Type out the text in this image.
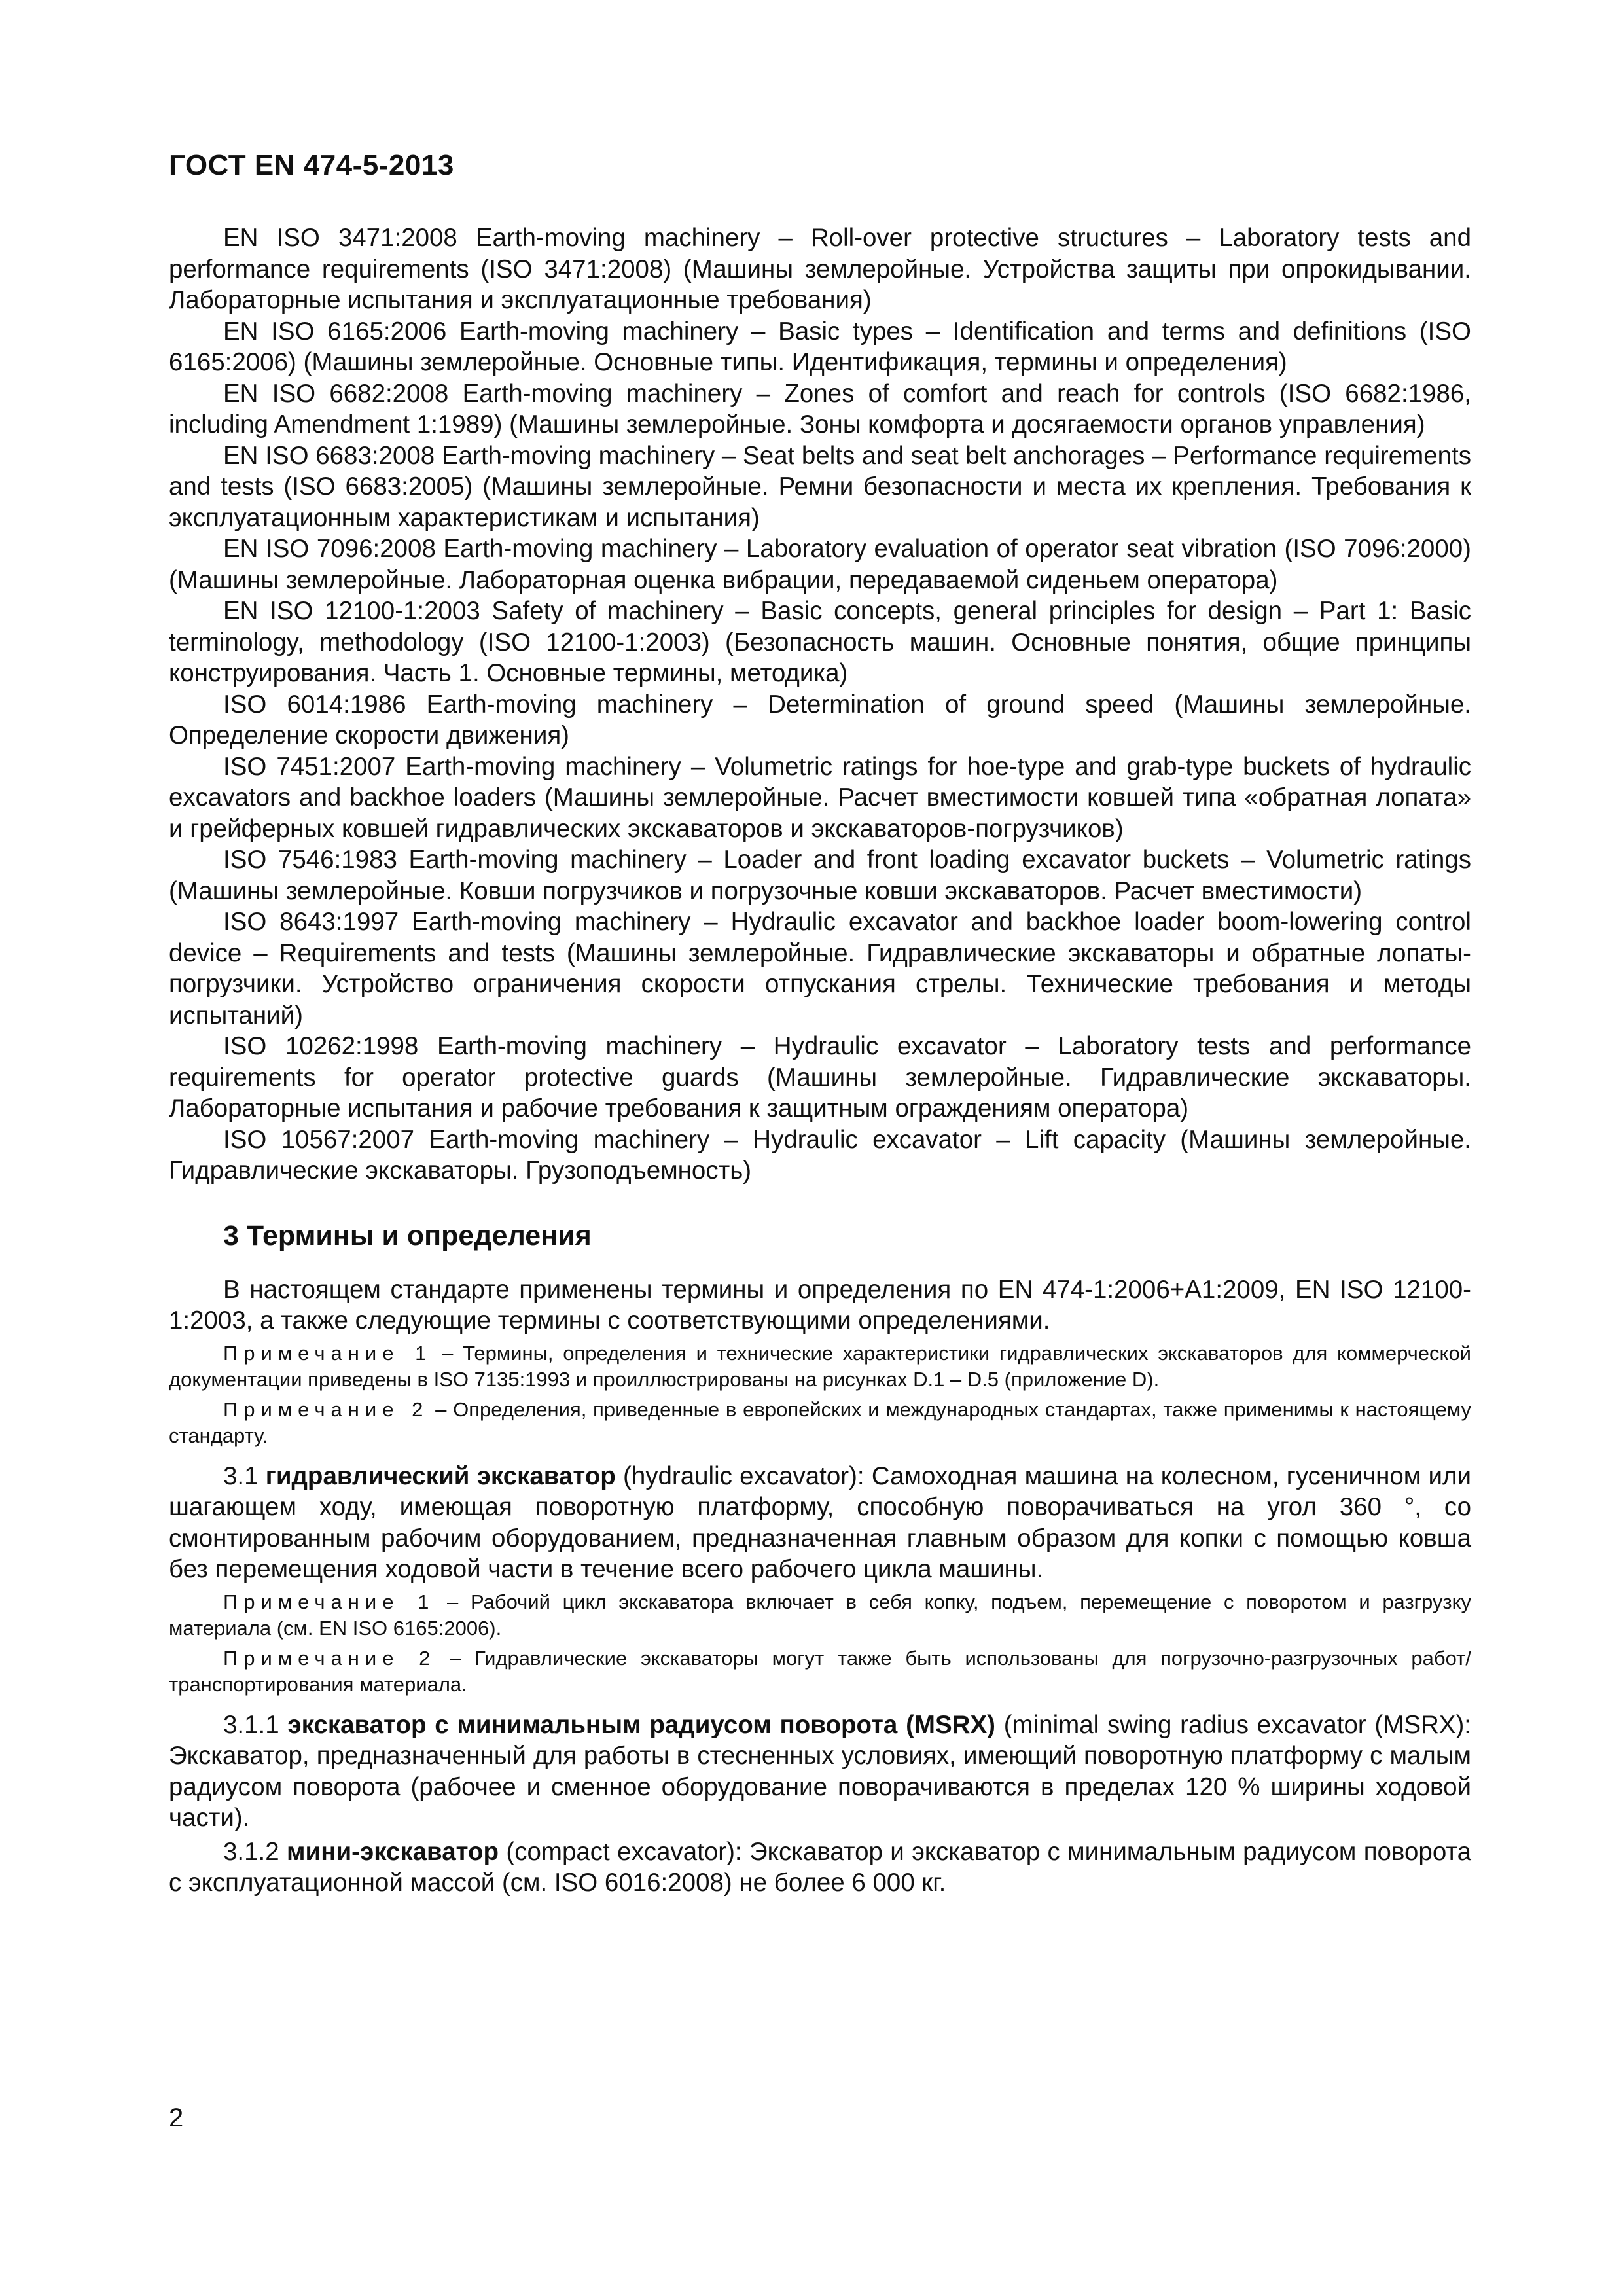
ГОСТ EN 474-5-2013

EN ISO 3471:2008 Earth-moving machinery – Roll-over protective structures – Laboratory tests and performance requirements (ISO 3471:2008) (Машины землеройные. Устройства защиты при опрокидывании. Лабораторные испытания и эксплуатационные требования)

EN ISO 6165:2006 Earth-moving machinery – Basic types – Identification and terms and definitions (ISO 6165:2006) (Машины землеройные. Основные типы. Идентификация, термины и определения)

EN ISO 6682:2008 Earth-moving machinery – Zones of comfort and reach for controls (ISO 6682:1986, including Amendment 1:1989) (Машины землеройные. Зоны комфорта и досягаемости органов управления)

EN ISO 6683:2008 Earth-moving machinery – Seat belts and seat belt anchorages – Performance requirements and tests (ISO 6683:2005) (Машины землеройные. Ремни безопасности и места их крепления. Требования к эксплуатационным характеристикам и испытания)

EN ISO 7096:2008 Earth-moving machinery – Laboratory evaluation of operator seat vibration (ISO 7096:2000) (Машины землеройные. Лабораторная оценка вибрации, передаваемой сиденьем оператора)

EN ISO 12100-1:2003 Safety of machinery – Basic concepts, general principles for design – Part 1: Basic terminology, methodology (ISO 12100-1:2003) (Безопасность машин. Основные понятия, общие принципы конструирования. Часть 1. Основные термины, методика)

ISO 6014:1986 Earth-moving machinery – Determination of ground speed (Машины землеройные. Определение скорости движения)

ISO 7451:2007 Earth-moving machinery – Volumetric ratings for hoe-type and grab-type buckets of hydraulic excavators and backhoe loaders (Машины землеройные. Расчет вместимости ковшей типа «обратная лопата» и грейферных ковшей гидравлических экскаваторов и экскаваторов-погрузчиков)

ISO 7546:1983 Earth-moving machinery – Loader and front loading excavator buckets – Volumetric ratings (Машины землеройные. Ковши погрузчиков и погрузочные ковши экскаваторов. Расчет вместимости)

ISO 8643:1997 Earth-moving machinery – Hydraulic excavator and backhoe loader boom-lowering control device – Requirements and tests (Машины землеройные. Гидравлические экскаваторы и обратные лопаты-погрузчики. Устройство ограничения скорости отпускания стрелы. Технические требования и методы испытаний)

ISO 10262:1998 Earth-moving machinery – Hydraulic excavator – Laboratory tests and performance requirements for operator protective guards (Машины землеройные. Гидравлические экскаваторы. Лабораторные испытания и рабочие требования к защитным ограждениям оператора)

ISO 10567:2007 Earth-moving machinery – Hydraulic excavator – Lift capacity (Машины землеройные. Гидравлические экскаваторы. Грузоподъемность)

3 Термины и определения

В настоящем стандарте применены термины и определения по EN 474-1:2006+A1:2009, EN ISO 12100-1:2003, а также следующие термины с соответствующими определениями.

Примечание 1 – Термины, определения и технические характеристики гидравлических экскаваторов для коммерческой документации приведены в ISO 7135:1993 и проиллюстрированы на рисунках D.1 – D.5 (приложение D).

Примечание 2 – Определения, приведенные в европейских и международных стандартах, также применимы к настоящему стандарту.

3.1 гидравлический экскаватор (hydraulic excavator): Самоходная машина на колесном, гусеничном или шагающем ходу, имеющая поворотную платформу, способную поворачиваться на угол 360 °, со смонтированным рабочим оборудованием, предназначенная главным образом для копки с помощью ковша без перемещения ходовой части в течение всего рабочего цикла машины.

Примечание 1 – Рабочий цикл экскаватора включает в себя копку, подъем, перемещение с поворотом и разгрузку материала (см. EN ISO 6165:2006).

Примечание 2 – Гидравлические экскаваторы могут также быть использованы для погрузочно-разгрузочных работ/транспортирования материала.

3.1.1 экскаватор с минимальным радиусом поворота (MSRX) (minimal swing radius excavator (MSRX): Экскаватор, предназначенный для работы в стесненных условиях, имеющий поворотную платформу с малым радиусом поворота (рабочее и сменное оборудование поворачиваются в пределах 120 % ширины ходовой части).

3.1.2 мини-экскаватор (compact excavator): Экскаватор и экскаватор с минимальным радиусом поворота с эксплуатационной массой (см. ISO 6016:2008) не более 6 000 кг.

2
